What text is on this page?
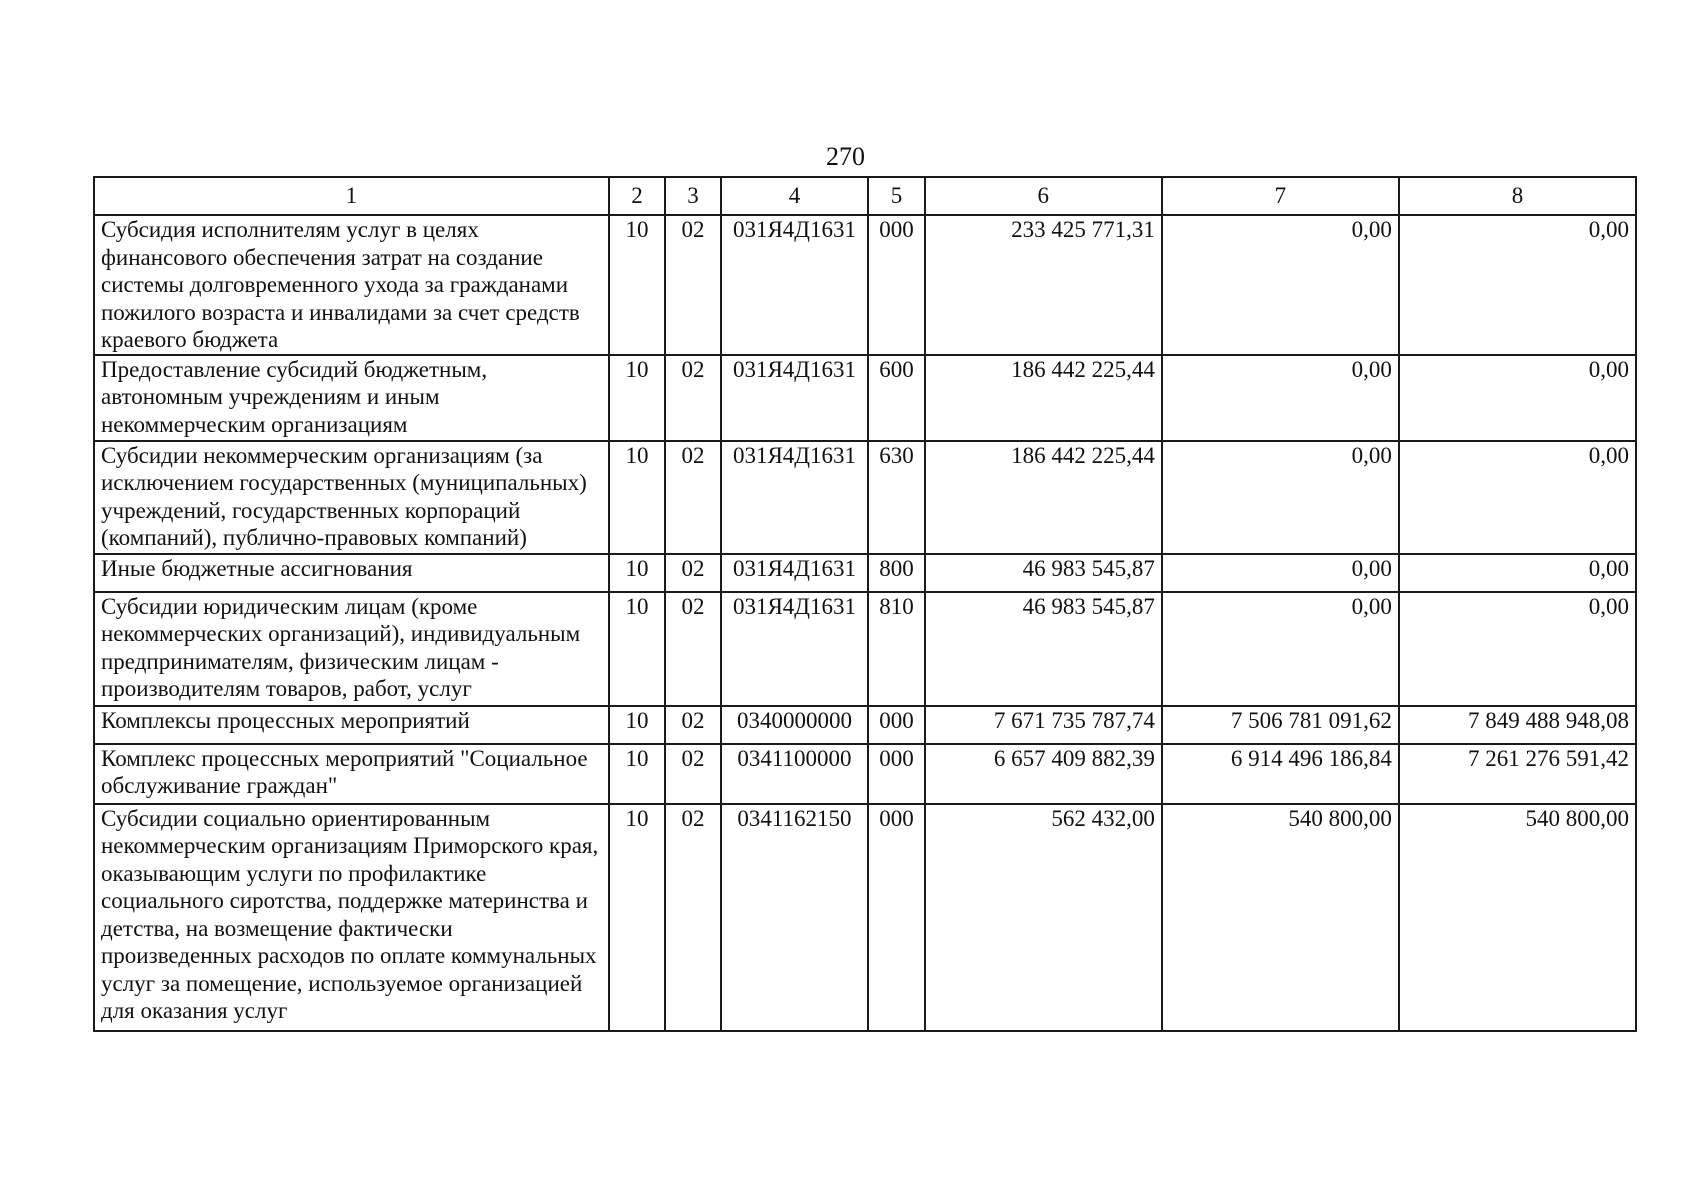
270
1	2	3	4	5	6	7	8
Субсидия исполнителям услуг в целях финансового обеспечения затрат на создание системы долговременного ухода за гражданами пожилого возраста и инвалидами за счет средств краевого бюджета	10	02	031Я4Д1631	000	233 425 771,31	0,00	0,00

Предоставление субсидий бюджетным, автономным учреждениям и иным некоммерческим организациям	10	02	031Я4Д1631	600	186 442 225,44	0,00	0,00

Субсидии некоммерческим организациям (за исключением государственных (муниципальных) учреждений, государственных корпораций (компаний), публично-правовых компаний)	10	02	031Я4Д1631	630	186 442 225,44	0,00	0,00

Иные бюджетные ассигнования	10	02	031Я4Д1631	800	46 983 545,87	0,00	0,00

Субсидии юридическим лицам (кроме некоммерческих организаций), индивидуальным предпринимателям, физическим лицам - производителям товаров, работ, услуг	10	02	031Я4Д1631	810	46 983 545,87	0,00	0,00

Комплексы процессных мероприятий	10	02	0340000000	000	7 671 735 787,74	7 506 781 091,62	7 849 488 948,08

Комплекс процессных мероприятий "Социальное обслуживание граждан"	10	02	0341100000	000	6 657 409 882,39	6 914 496 186,84	7 261 276 591,42

Субсидии социально ориентированным некоммерческим организациям Приморского края, оказывающим услуги по профилактике социального сиротства, поддержке материнства и детства, на возмещение фактически произведенных расходов по оплате коммунальных услуг за помещение, используемое организацией для оказания услуг	10	02	0341162150	000	562 432,00	540 800,00	540 800,00
